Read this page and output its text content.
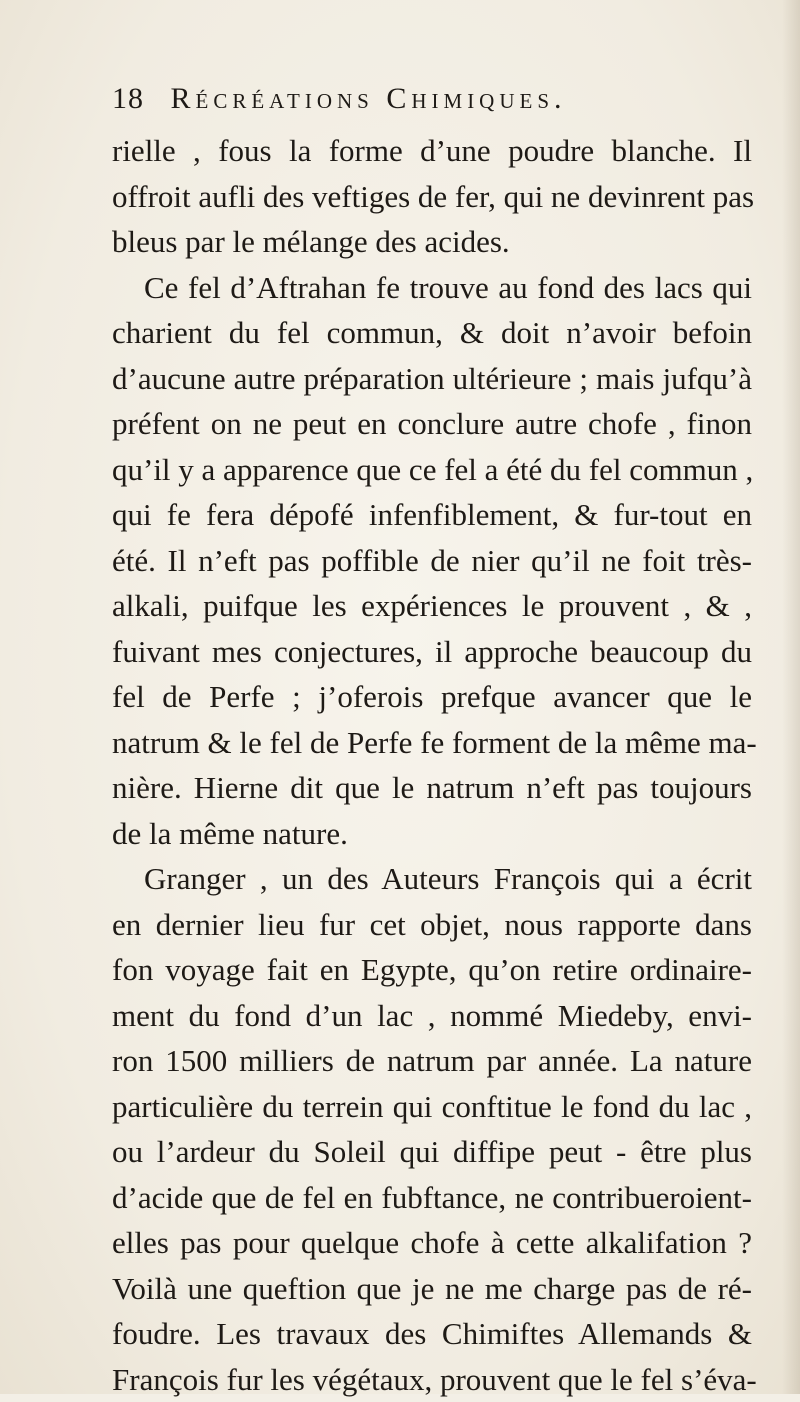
18 Récréations Chimiques.
rielle , fous la forme d’une poudre blanche. Il
offroit aufli des veftiges de fer, qui ne devinrent pas
bleus par le mélange des acides.
Ce fel d’Aftrahan fe trouve au fond des lacs qui
charient du fel commun, & doit n’avoir befoin
d’aucune autre préparation ultérieure ; mais jufqu’à
préfent on ne peut en conclure autre chofe , finon
qu’il y a apparence que ce fel a été du fel commun ,
qui fe fera dépofé infenfiblement, & fur-tout en
été. Il n’eft pas poffible de nier qu’il ne foit très-
alkali, puifque les expériences le prouvent , & ,
fuivant mes conjectures, il approche beaucoup du
fel de Perfe ; j’oferois prefque avancer que le
natrum & le fel de Perfe fe forment de la même ma-
nière. Hierne dit que le natrum n’eft pas toujours
de la même nature.
Granger , un des Auteurs François qui a écrit
en dernier lieu fur cet objet, nous rapporte dans
fon voyage fait en Egypte, qu’on retire ordinaire-
ment du fond d’un lac , nommé Miedeby, envi-
ron 1500 milliers de natrum par année. La nature
particulière du terrein qui conftitue le fond du lac ,
ou l’ardeur du Soleil qui diffipe peut - être plus
d’acide que de fel en fubftance, ne contribueroient-
elles pas pour quelque chofe à cette alkalifation ?
Voilà une queftion que je ne me charge pas de ré-
foudre. Les travaux des Chimiftes Allemands &
François fur les végétaux, prouvent que le fel s’éva-
